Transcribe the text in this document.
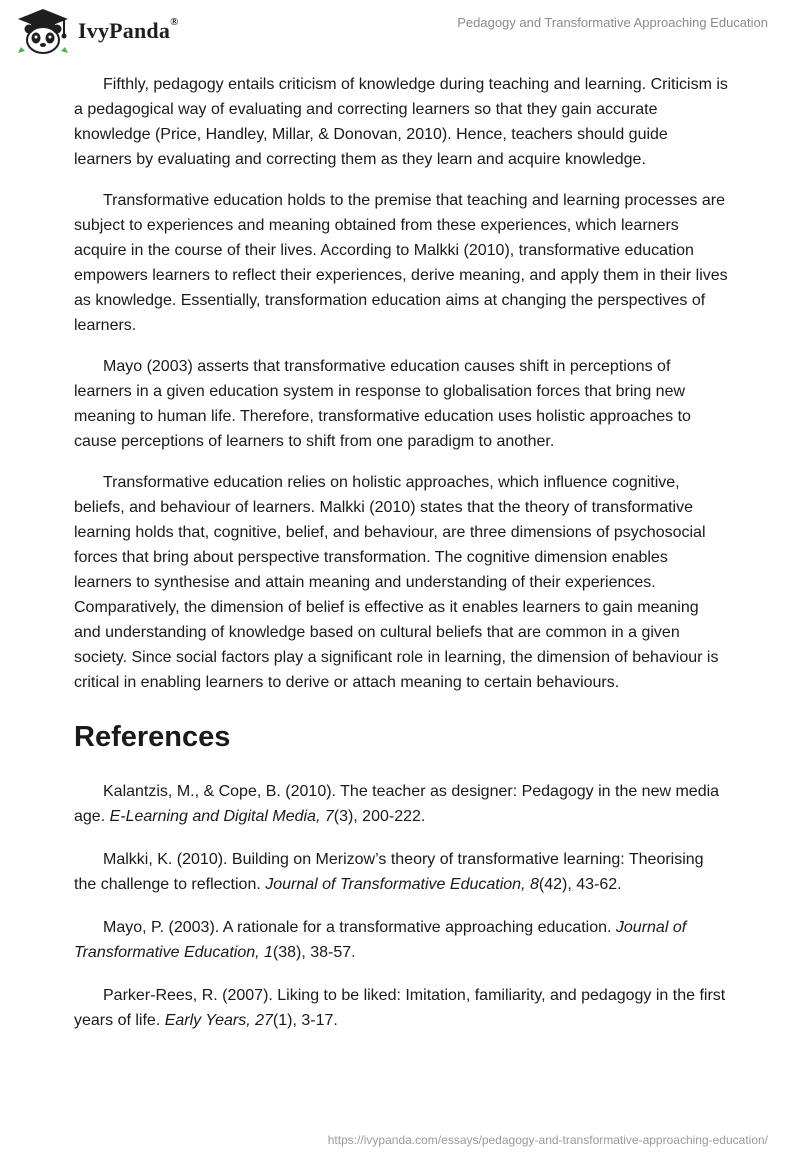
IvyPanda®	Pedagogy and Transformative Approaching Education

Fifthly, pedagogy entails criticism of knowledge during teaching and learning. Criticism is a pedagogical way of evaluating and correcting learners so that they gain accurate knowledge (Price, Handley, Millar, & Donovan, 2010). Hence, teachers should guide learners by evaluating and correcting them as they learn and acquire knowledge.

Transformative education holds to the premise that teaching and learning processes are subject to experiences and meaning obtained from these experiences, which learners acquire in the course of their lives. According to Malkki (2010), transformative education empowers learners to reflect their experiences, derive meaning, and apply them in their lives as knowledge. Essentially, transformation education aims at changing the perspectives of learners.

Mayo (2003) asserts that transformative education causes shift in perceptions of learners in a given education system in response to globalisation forces that bring new meaning to human life. Therefore, transformative education uses holistic approaches to cause perceptions of learners to shift from one paradigm to another.

Transformative education relies on holistic approaches, which influence cognitive, beliefs, and behaviour of learners. Malkki (2010) states that the theory of transformative learning holds that, cognitive, belief, and behaviour, are three dimensions of psychosocial forces that bring about perspective transformation. The cognitive dimension enables learners to synthesise and attain meaning and understanding of their experiences. Comparatively, the dimension of belief is effective as it enables learners to gain meaning and understanding of knowledge based on cultural beliefs that are common in a given society. Since social factors play a significant role in learning, the dimension of behaviour is critical in enabling learners to derive or attach meaning to certain behaviours.

References

Kalantzis, M., & Cope, B. (2010). The teacher as designer: Pedagogy in the new media age. E-Learning and Digital Media, 7(3), 200-222.

Malkki, K. (2010). Building on Merizow’s theory of transformative learning: Theorising the challenge to reflection. Journal of Transformative Education, 8(42), 43-62.

Mayo, P. (2003). A rationale for a transformative approaching education. Journal of Transformative Education, 1(38), 38-57.

Parker-Rees, R. (2007). Liking to be liked: Imitation, familiarity, and pedagogy in the first years of life. Early Years, 27(1), 3-17.

https://ivypanda.com/essays/pedagogy-and-transformative-approaching-education/
